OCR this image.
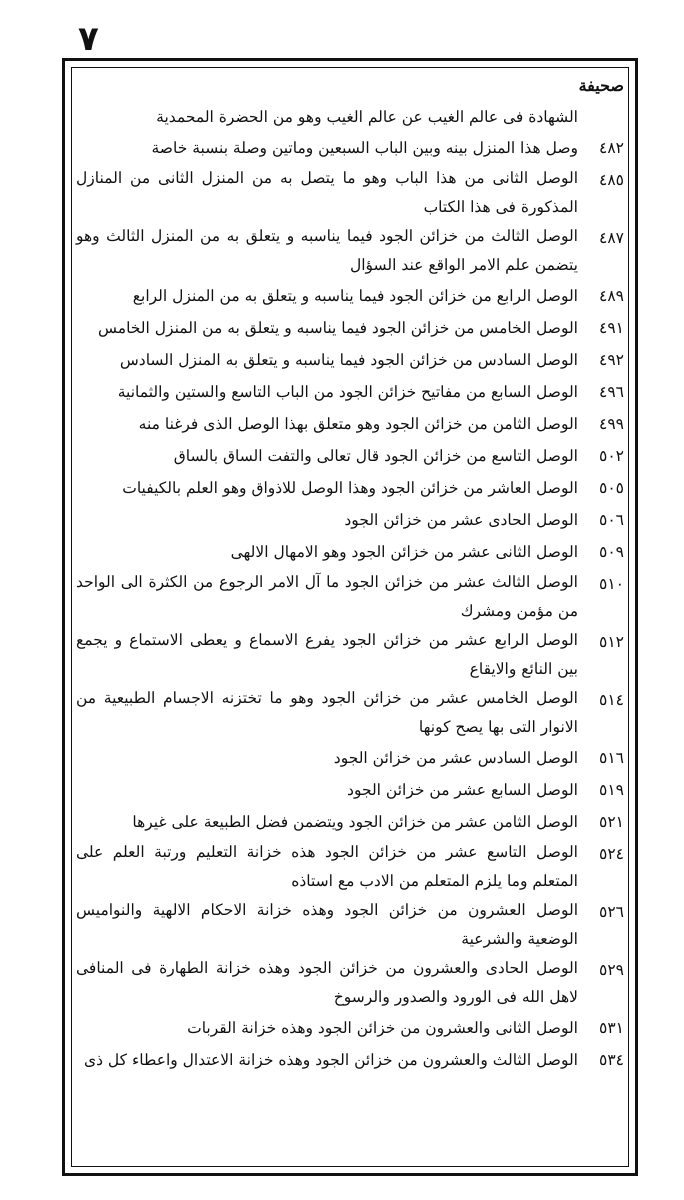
٧
صحيفة
الشهادة فى عالم الغيب عن عالم الغيب وهو من الحضرة المحمدية
٤٨٢
وصل هذا المنزل بينه وبين الباب السبعين وماتين وصلة بنسبة خاصة
٤٨٥
الوصل الثانى من هذا الباب وهو ما يتصل به من المنزل الثانى من المنازل المذكورة فى هذا الكتاب
٤٨٧
الوصل الثالث من خزائن الجود فيما يناسبه و يتعلق به من المنزل الثالث وهو يتضمن علم الامر الواقع عند السؤال
٤٨٩
الوصل الرابع من خزائن الجود فيما يناسبه و يتعلق به من المنزل الرابع
٤٩١
الوصل الخامس من خزائن الجود فيما يناسبه و يتعلق به من المنزل الخامس
٤٩٢
الوصل السادس من خزائن الجود فيما يناسبه و يتعلق به المنزل السادس
٤٩٦
الوصل السابع من مفاتيح خزائن الجود من الباب التاسع والستين والثمانية
٤٩٩
الوصل الثامن من خزائن الجود وهو متعلق بهذا الوصل الذى فرغنا منه
٥٠٢
الوصل التاسع من خزائن الجود قال تعالى والتفت الساق بالساق
٥٠٥
الوصل العاشر من خزائن الجود وهذا الوصل للاذواق وهو العلم بالكيفيات
٥٠٦
الوصل الحادى عشر من خزائن الجود
٥٠٩
الوصل الثانى عشر من خزائن الجود وهو الامهال الالهى
٥١٠
الوصل الثالث عشر من خزائن الجود ما آل الامر الرجوع من الكثرة الى الواحد من مؤمن ومشرك
٥١٢
الوصل الرابع عشر من خزائن الجود يفرع الاسماع و يعطى الاستماع و يجمع بين النائع والايقاع
٥١٤
الوصل الخامس عشر من خزائن الجود وهو ما تختزنه الاجسام الطبيعية من الانوار التى بها يصح كونها
٥١٦
الوصل السادس عشر من خزائن الجود
٥١٩
الوصل السابع عشر من خزائن الجود
٥٢١
الوصل الثامن عشر من خزائن الجود ويتضمن فضل الطبيعة على غيرها
٥٢٤
الوصل التاسع عشر من خزائن الجود هذه خزانة التعليم ورتبة العلم على المتعلم وما يلزم المتعلم من الادب مع استاذه
٥٢٦
الوصل العشرون من خزائن الجود وهذه خزانة الاحكام الالهية والنواميس الوضعية والشرعية
٥٢٩
الوصل الحادى والعشرون من خزائن الجود وهذه خزانة الطهارة فى المنافى لاهل الله فى الورود والصدور والرسوخ
٥٣١
الوصل الثانى والعشرون من خزائن الجود وهذه خزانة القربات
٥٣٤
الوصل الثالث والعشرون من خزائن الجود وهذه خزانة الاعتدال واعطاء كل ذى
